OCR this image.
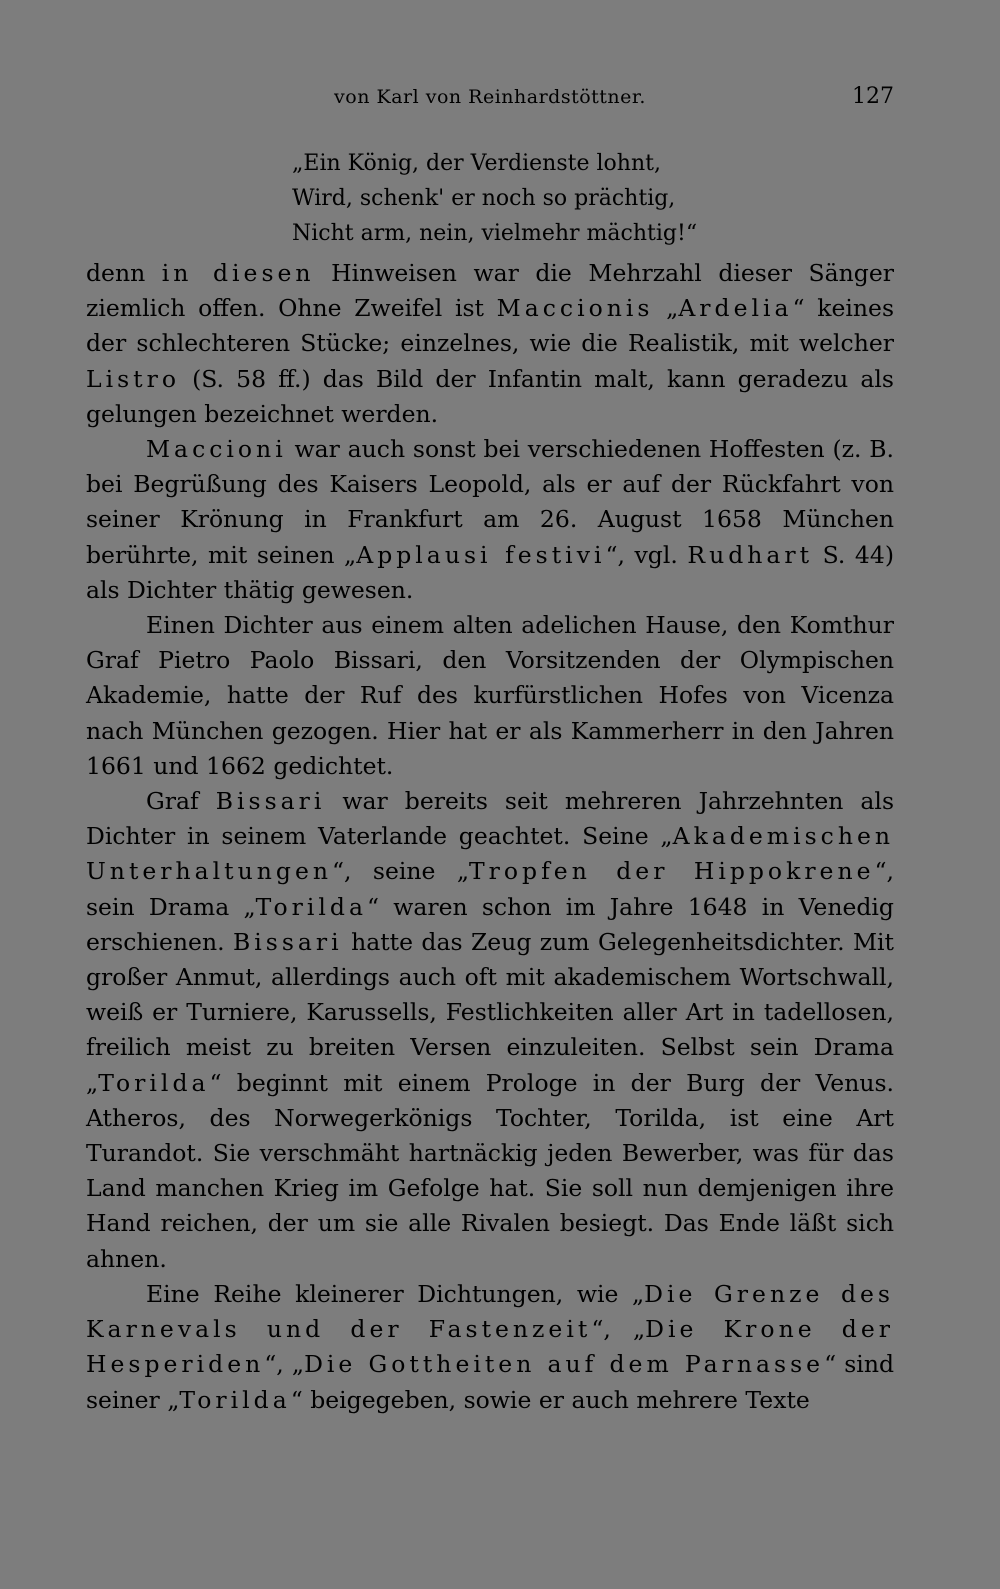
von Karl von Reinhardstöttner.	127
„Ein König, der Verdienste lohnt,
Wird, schenk' er noch so prächtig,
Nicht arm, nein, vielmehr mächtig!“

denn in diesen Hinweisen war die Mehrzahl dieser Sänger ziemlich offen. Ohne Zweifel ist Maccionis „Ardelia“ keines der schlechteren Stücke; einzelnes, wie die Realistik, mit welcher Listro (S. 58 ff.) das Bild der Infantin malt, kann geradezu als gelungen bezeichnet werden.

Maccioni war auch sonst bei verschiedenen Hoffesten (z. B. bei Begrüßung des Kaisers Leopold, als er auf der Rückfahrt von seiner Krönung in Frankfurt am 26. August 1658 München berührte, mit seinen „Applausi festivi“, vgl. Rudhart S. 44) als Dichter thätig gewesen.

Einen Dichter aus einem alten adelichen Hause, den Komthur Graf Pietro Paolo Bissari, den Vorsitzenden der Olympischen Akademie, hatte der Ruf des kurfürstlichen Hofes von Vicenza nach München gezogen. Hier hat er als Kammerherr in den Jahren 1661 und 1662 gedichtet.

Graf Bissari war bereits seit mehreren Jahrzehnten als Dichter in seinem Vaterlande geachtet. Seine „Akademischen Unterhaltungen“, seine „Tropfen der Hippokrene“, sein Drama „Torilda“ waren schon im Jahre 1648 in Venedig erschienen. Bissari hatte das Zeug zum Gelegenheitsdichter. Mit großer Anmut, allerdings auch oft mit akademischem Wortschwall, weiß er Turniere, Karussells, Festlichkeiten aller Art in tadellosen, freilich meist zu breiten Versen einzuleiten. Selbst sein Drama „Torilda“ beginnt mit einem Prologe in der Burg der Venus. Atheros, des Norwegerkönigs Tochter, Torilda, ist eine Art Turandot. Sie verschmäht hartnäckig jeden Bewerber, was für das Land manchen Krieg im Gefolge hat. Sie soll nun demjenigen ihre Hand reichen, der um sie alle Rivalen besiegt. Das Ende läßt sich ahnen.

Eine Reihe kleinerer Dichtungen, wie „Die Grenze des Karnevals und der Fastenzeit“, „Die Krone der Hesperiden“, „Die Gottheiten auf dem Parnasse“ sind seiner „Torilda“ beigegeben, sowie er auch mehrere Texte
